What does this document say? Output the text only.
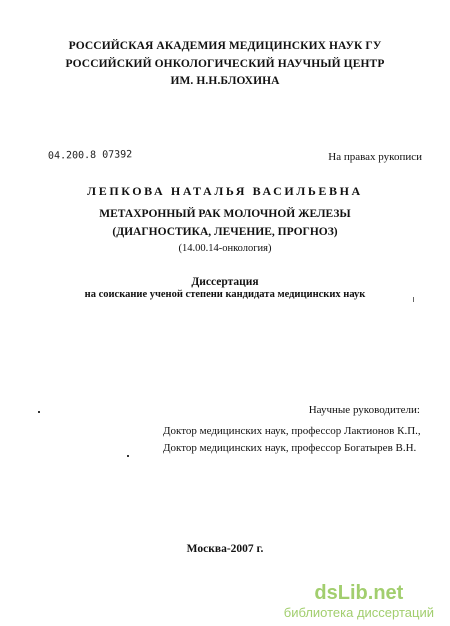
РОССИЙСКАЯ АКАДЕМИЯ МЕДИЦИНСКИХ НАУК ГУ
РОССИЙСКИЙ ОНКОЛОГИЧЕСКИЙ НАУЧНЫЙ ЦЕНТР
ИМ. Н.Н.БЛОХИНА
04.200.8 07392	На правах рукописи
ЛЕПКОВА НАТАЛЬЯ ВАСИЛЬЕВНА
МЕТАХРОННЫЙ РАК МОЛОЧНОЙ ЖЕЛЕЗЫ
(ДИАГНОСТИКА, ЛЕЧЕНИЕ, ПРОГНОЗ)
(14.00.14-онкология)
Диссертация
на соискание ученой степени кандидата медицинских наук
Научные руководители:
Доктор медицинских наук, профессор Лактионов К.П.,
Доктор медицинских наук, профессор Богатырев В.Н.
Москва-2007 г.
dsLib.net
библиотека диссертаций
